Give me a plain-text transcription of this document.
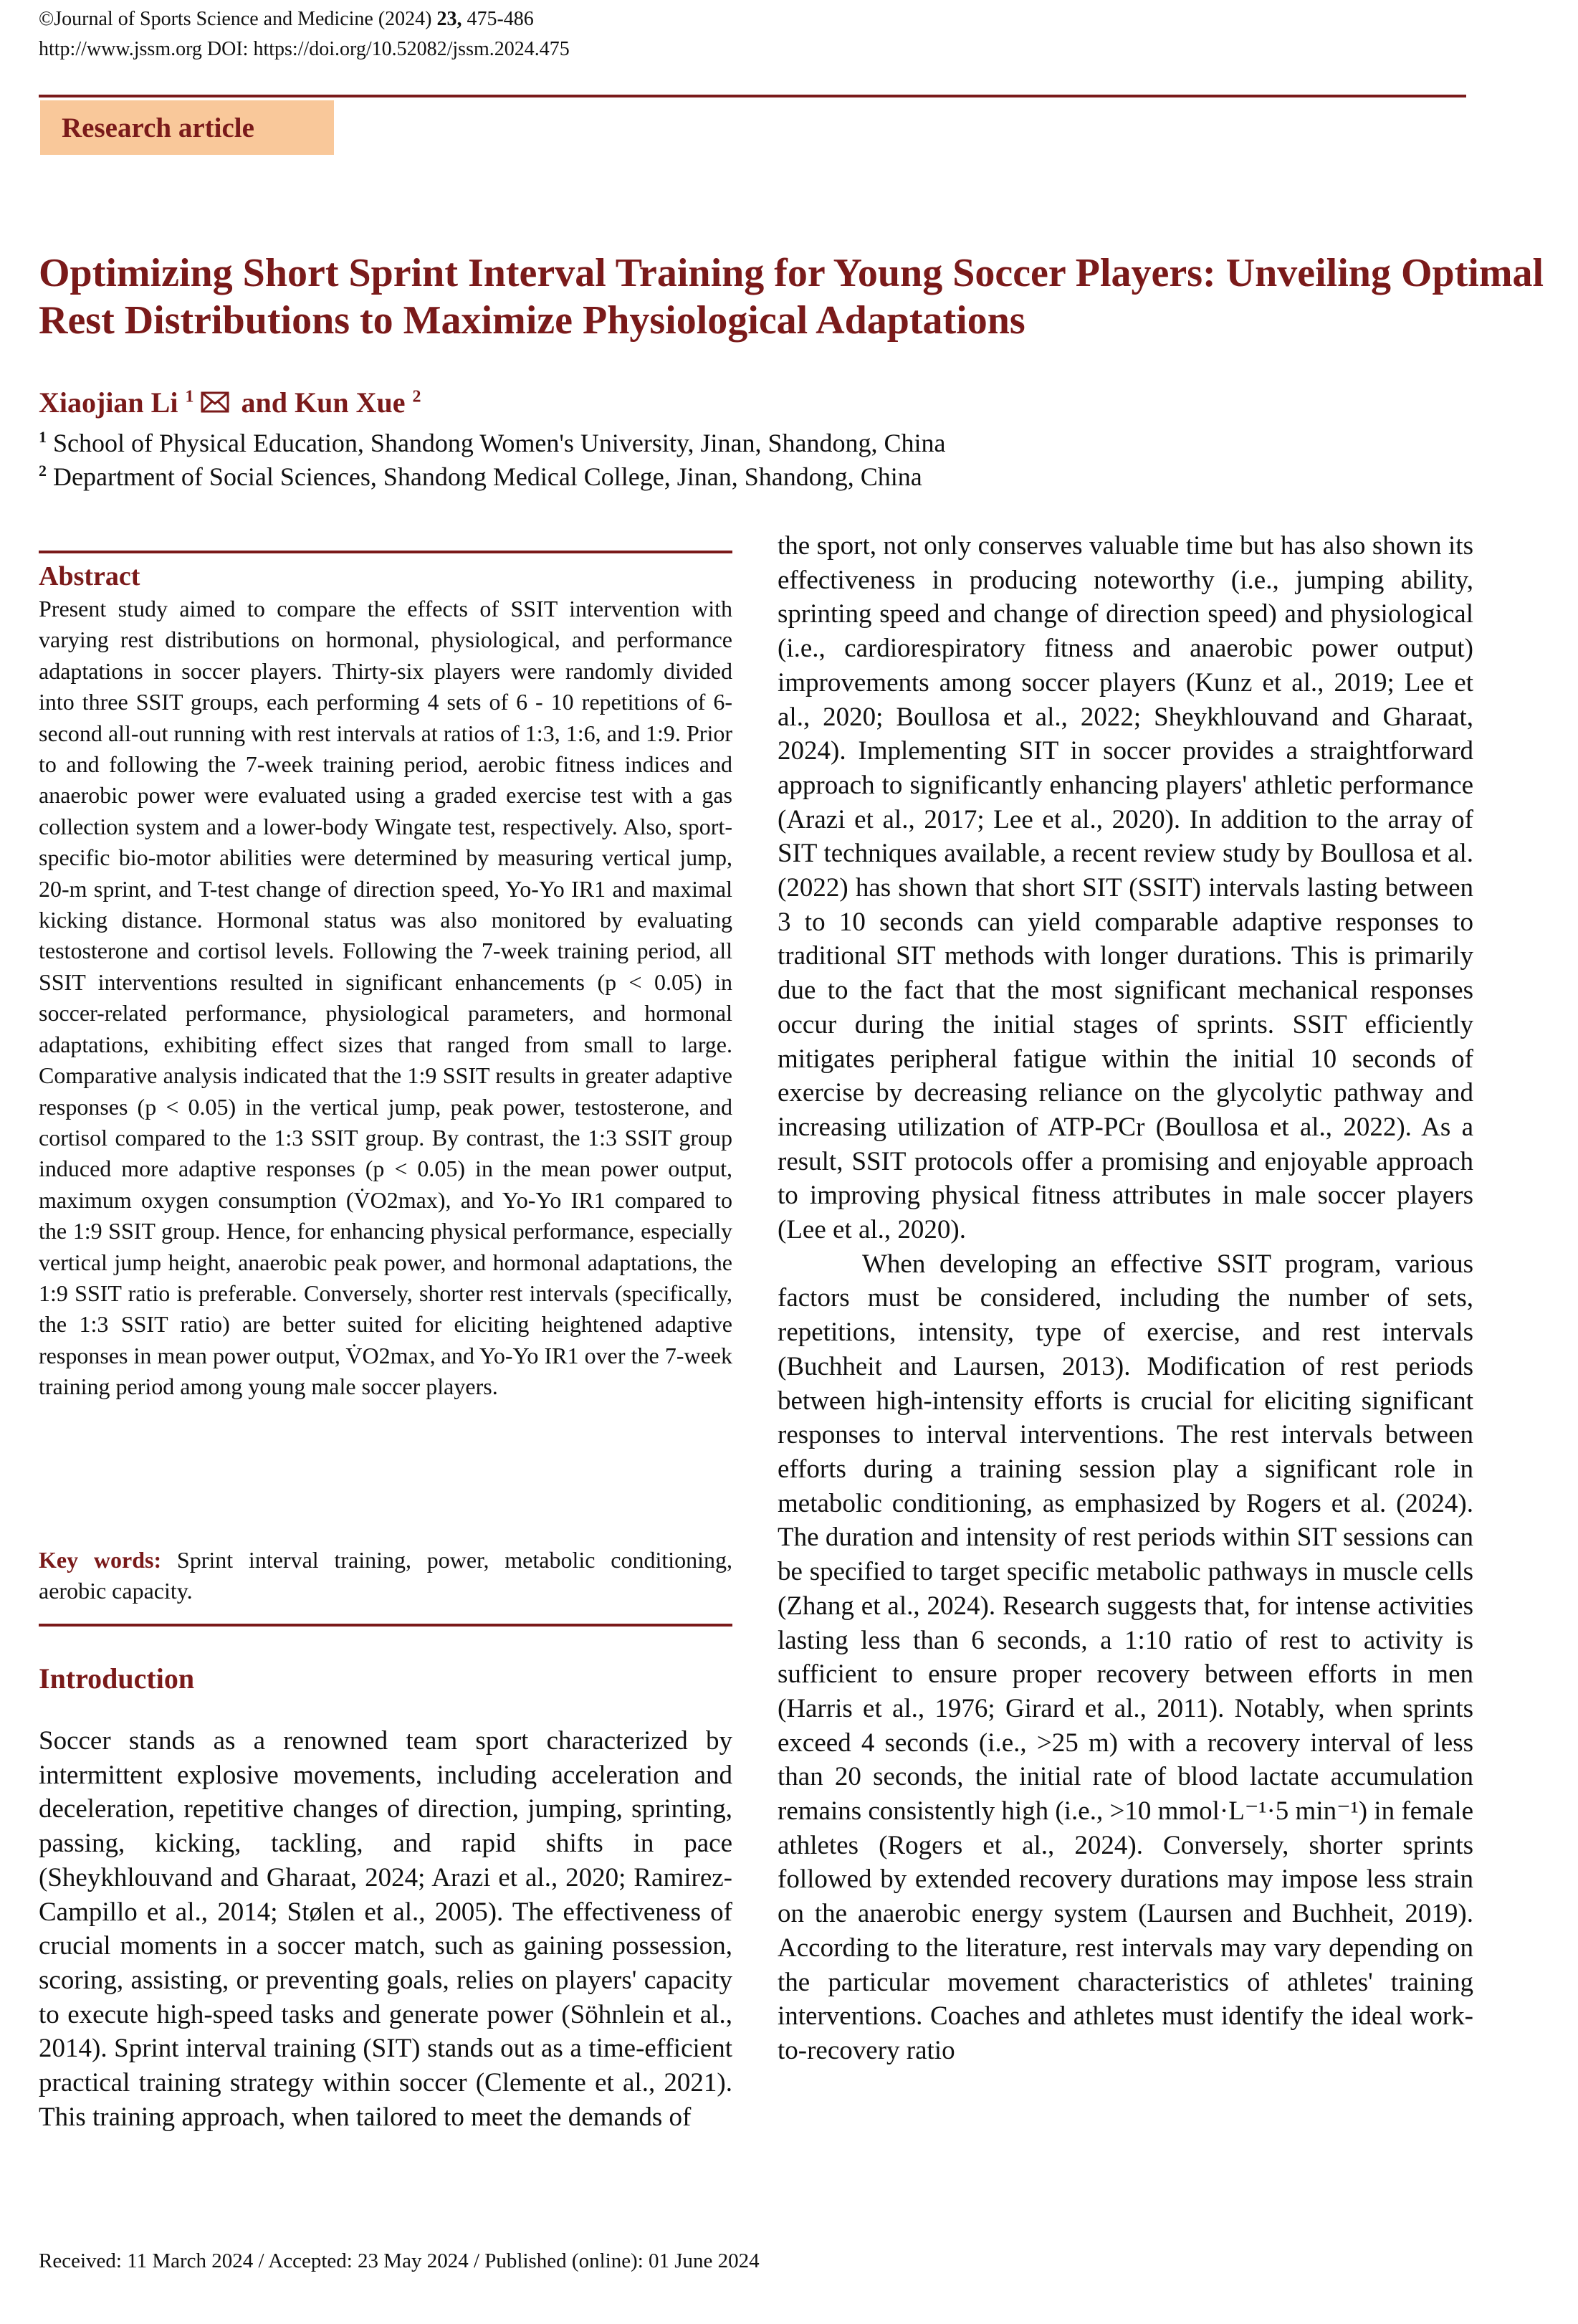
©Journal of Sports Science and Medicine (2024) 23, 475-486
http://www.jssm.org DOI: https://doi.org/10.52082/jssm.2024.475
Research article
Optimizing Short Sprint Interval Training for Young Soccer Players: Unveiling Optimal Rest Distributions to Maximize Physiological Adaptations
Xiaojian Li $^1$  and Kun Xue $^2$
$^1$ School of Physical Education, Shandong Women's University, Jinan, Shandong, China
$^2$ Department of Social Sciences, Shandong Medical College, Jinan, Shandong, China
Abstract
Present study aimed to compare the effects of SSIT intervention with varying rest distributions on hormonal, physiological, and performance adaptations in soccer players. Thirty-six players were randomly divided into three SSIT groups, each performing 4 sets of 6 - 10 repetitions of 6-second all-out running with rest intervals at ratios of 1:3, 1:6, and 1:9. Prior to and following the 7-week training period, aerobic fitness indices and anaerobic power were evaluated using a graded exercise test with a gas collection system and a lower-body Wingate test, respectively. Also, sport-specific bio-motor abilities were determined by measuring vertical jump, 20-m sprint, and T-test change of direction speed, Yo-Yo IR1 and maximal kicking distance. Hormonal status was also monitored by evaluating testosterone and cortisol levels. Following the 7-week training period, all SSIT interventions resulted in significant enhancements (p < 0.05) in soccer-related performance, physiological parameters, and hormonal adaptations, exhibiting effect sizes that ranged from small to large. Comparative analysis indicated that the 1:9 SSIT results in greater adaptive responses (p < 0.05) in the vertical jump, peak power, testosterone, and cortisol compared to the 1:3 SSIT group. By contrast, the 1:3 SSIT group induced more adaptive responses (p < 0.05) in the mean power output, maximum oxygen consumption (V̇O2max), and Yo-Yo IR1 compared to the 1:9 SSIT group. Hence, for enhancing physical performance, especially vertical jump height, anaerobic peak power, and hormonal adaptations, the 1:9 SSIT ratio is preferable. Conversely, shorter rest intervals (specifically, the 1:3 SSIT ratio) are better suited for eliciting heightened adaptive responses in mean power output, V̇O2max, and Yo-Yo IR1 over the 7-week training period among young male soccer players.
Key words: Sprint interval training, power, metabolic conditioning, aerobic capacity.
Introduction
Soccer stands as a renowned team sport characterized by intermittent explosive movements, including acceleration and deceleration, repetitive changes of direction, jumping, sprinting, passing, kicking, tackling, and rapid shifts in pace (Sheykhlouvand and Gharaat, 2024; Arazi et al., 2020; Ramirez-Campillo et al., 2014; Stølen et al., 2005). The effectiveness of crucial moments in a soccer match, such as gaining possession, scoring, assisting, or preventing goals, relies on players' capacity to execute high-speed tasks and generate power (Söhnlein et al., 2014). Sprint interval training (SIT) stands out as a time-efficient practical training strategy within soccer (Clemente et al., 2021). This training approach, when tailored to meet the demands of

the sport, not only conserves valuable time but has also shown its effectiveness in producing noteworthy (i.e., jumping ability, sprinting speed and change of direction speed) and physiological (i.e., cardiorespiratory fitness and anaerobic power output) improvements among soccer players (Kunz et al., 2019; Lee et al., 2020; Boullosa et al., 2022; Sheykhlouvand and Gharaat, 2024). Implementing SIT in soccer provides a straightforward approach to significantly enhancing players' athletic performance (Arazi et al., 2017; Lee et al., 2020). In addition to the array of SIT techniques available, a recent review study by Boullosa et al. (2022) has shown that short SIT (SSIT) intervals lasting between 3 to 10 seconds can yield comparable adaptive responses to traditional SIT methods with longer durations. This is primarily due to the fact that the most significant mechanical responses occur during the initial stages of sprints. SSIT efficiently mitigates peripheral fatigue within the initial 10 seconds of exercise by decreasing reliance on the glycolytic pathway and increasing utilization of ATP-PCr (Boullosa et al., 2022). As a result, SSIT protocols offer a promising and enjoyable approach to improving physical fitness attributes in male soccer players (Lee et al., 2020).

When developing an effective SSIT program, various factors must be considered, including the number of sets, repetitions, intensity, type of exercise, and rest intervals (Buchheit and Laursen, 2013). Modification of rest periods between high-intensity efforts is crucial for eliciting significant responses to interval interventions. The rest intervals between efforts during a training session play a significant role in metabolic conditioning, as emphasized by Rogers et al. (2024). The duration and intensity of rest periods within SIT sessions can be specified to target specific metabolic pathways in muscle cells (Zhang et al., 2024). Research suggests that, for intense activities lasting less than 6 seconds, a 1:10 ratio of rest to activity is sufficient to ensure proper recovery between efforts in men (Harris et al., 1976; Girard et al., 2011). Notably, when sprints exceed 4 seconds (i.e., >25 m) with a recovery interval of less than 20 seconds, the initial rate of blood lactate accumulation remains consistently high (i.e., >10 mmol·L⁻¹·5 min⁻¹) in female athletes (Rogers et al., 2024). Conversely, shorter sprints followed by extended recovery durations may impose less strain on the anaerobic energy system (Laursen and Buchheit, 2019). According to the literature, rest intervals may vary depending on the particular movement characteristics of athletes' training interventions. Coaches and athletes must identify the ideal work-to-recovery ratio

Received: 11 March 2024 / Accepted: 23 May 2024 / Published (online): 01 June 2024
